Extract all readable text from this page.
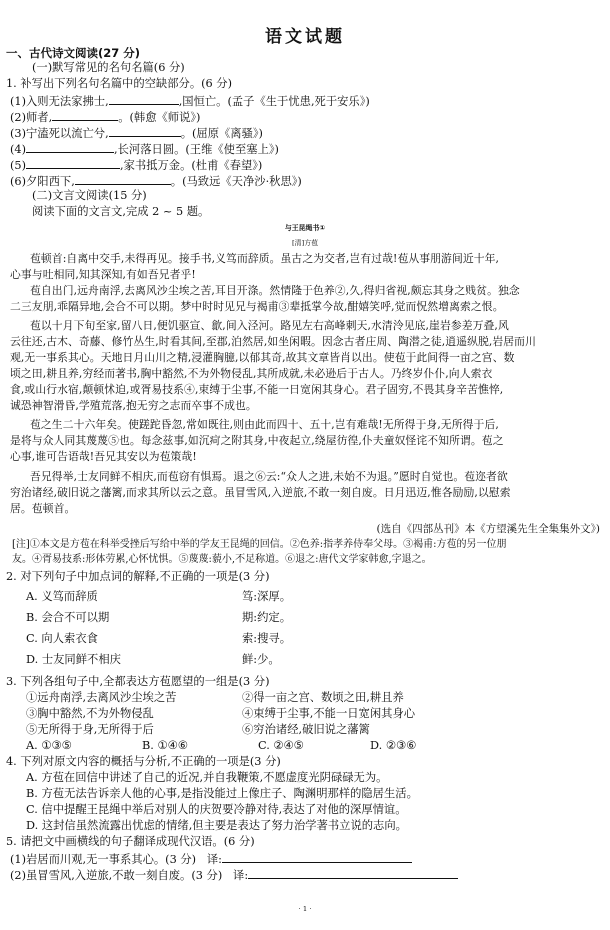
语文试题
一、古代诗文阅读(27 分)
(一)默写常见的名句名篇(6 分)
1. 补写出下列名句名篇中的空缺部分。(6 分)
(1)入则无法家拂士,	,国恒亡。(孟子《生于忧患,死于安乐》)
(2)师者,	。(韩愈《师说》)
(3)宁溘死以流亡兮,	。(屈原《离骚》)
(4)	,长河落日圆。(王维《使至塞上》)
(5)	,家书抵万金。(杜甫《春望》)
(6)夕阳西下,	。(马致远《天净沙·秋思》)
(二)文言文阅读(15 分)
阅读下面的文言文,完成 2 ~ 5 题。
与王昆绳书①
[清]方苞
苞顿首:自离中交手,未得再见。接手书,义笃而辞质。虽古之为交者,岂有过哉!苞从事朋游间近十年,
心事与吐相同,知其深知,有如吾兄者乎!
苞自出门,远舟南浮,去离风沙尘埃之苦,耳目开涤。然情隆于色养②,久,得归省视,颇忘其身之贱贫。独念
二三友朋,乖隔异地,会合不可以期。梦中时时见兄与褐甫③辈抵掌今故,酣嬉笑呼,觉而怳然增离索之恨。
苞以十月下旬至家,留八日,便饥驱宣、歙,间入泾河。路见左右高峰刺天,水清泠见底,崖岩参差万叠,风
云往还,古木、奇藤、修竹丛生,时看其间,至郡,泊然居,如坐闲暇。因念古者庄周、陶潜之徒,逍遥纵脱,岩居而川
观,无一事系其心。天地日月山川之精,浸灌胸臆,以郁其奇,故其文章皆肖以出。使苞于此间得一亩之宫、数
顷之田,耕且养,穷经而著书,胸中豁然,不为外物侵乱,其所成就,未必逊后于古人。乃终岁仆仆,向人索衣
食,或山行水宿,颠顿怵迫,或胥易技系④,束缚于尘事,不能一日宽闲其身心。君子固穷,不畏其身辛苦憔悴,
诚恐神智滑昏,学殖荒落,抱无穷之志而卒事不成也。
苞之生二十六年矣。使蹉跎昏忽,常如既往,则由此而四十、五十,岂有难哉!无所得于身,无所得于后,
是将与众人同其蔑蔑⑤也。每念兹事,如沉疴之附其身,中夜起立,绕屋彷徨,仆夫童奴怪诧不知所谓。苞之
心事,谁可告语哉!吾兄其安以为苞策哉!
吾兄得举,士友同鲜不相庆,而苞窃有惧焉。退之⑥云:“众人之进,未始不为退。”愿时自觉也。苞迩者欲
穷治诸经,破旧说之藩篱,而求其所以云之意。虽冒雪风,入逆旅,不敢一刻自废。日月迅迈,惟各励励,以慰索
居。苞顿首。
(选自《四部丛刊》本《方望溪先生全集集外文》)
[注]①本文是方苞在科举受挫后写给中举的学友王昆绳的回信。②色养:指孝养侍奉父母。③褐甫:方苞的另一位朋
友。④胥易技系:形体劳累,心怀忧惧。⑤蔑蔑:藐小,不足称道。⑥退之:唐代文学家韩愈,字退之。
2. 对下列句子中加点词的解释,不正确的一项是(3 分)
A. 义笃而辞质	笃:深厚。
B. 会合不可以期	期:约定。
C. 向人索衣食	索:搜寻。
D. 士友同鲜不相庆	鲜:少。
3. 下列各组句子中,全都表达方苞愿望的一组是(3 分)
①远舟南浮,去离风沙尘埃之苦	②得一亩之宫、数顷之田,耕且养
③胸中豁然,不为外物侵乱	④束缚于尘事,不能一日宽闲其身心
⑤无所得于身,无所得于后	⑥穷治诸经,破旧说之藩篱
A. ①③⑤	B. ①④⑥	C. ②④⑤	D. ②③⑥
4. 下列对原文内容的概括与分析,不正确的一项是(3 分)
A. 方苞在回信中讲述了自己的近况,并自我鞭策,不愿虚度光阴碌碌无为。
B. 方苞无法告诉亲人他的心事,是指没能过上像庄子、陶渊明那样的隐居生活。
C. 信中提醒王昆绳中举后对别人的庆贺要冷静对待,表达了对他的深厚情谊。
D. 这封信虽然流露出忧虑的情绪,但主要是表达了努力治学著书立说的志向。
5. 请把文中画横线的句子翻译成现代汉语。(6 分)
(1)岩居而川观,无一事系其心。(3 分) 译:
(2)虽冒雪风,入逆旅,不敢一刻自废。(3 分) 译:
· 1 ·
